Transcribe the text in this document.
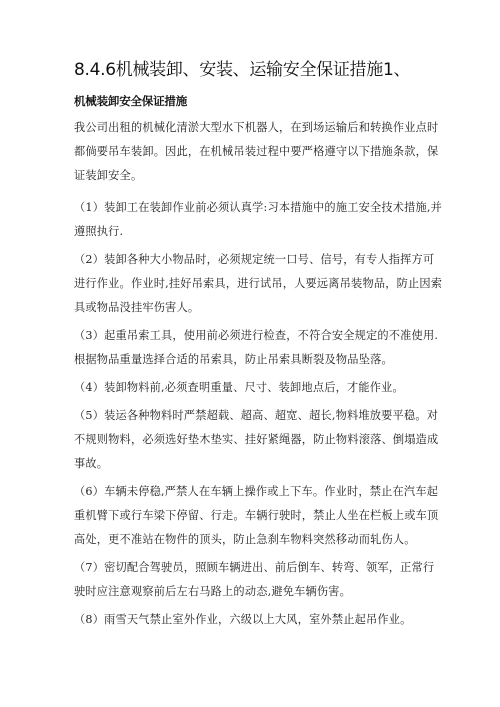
8.4.6机械装卸、安装、运输安全保证措施1、
机械装卸安全保证措施

我公司出租的机械化清淤大型水下机器人，在到场运输后和转换作业点时都倘要吊车装卸。因此，在机械吊装过程中要严格遵守以下措施条款，保证装卸安全。

（1）装卸工在装卸作业前必须认真学:习本措施中的施工安全技术措施,并遵照执行.

（2）装卸各种大小物品时，必须规定统一口号、信号，有专人指挥方可进行作业。作业时,挂好吊索具，进行试吊，人要远离吊装物品，防止因索具或物品没挂牢伤害人。

（3）起重吊索工具，使用前必须进行检查，不符合安全规定的不准使用.根据物品重量选择合适的吊索具，防止吊索具断裂及物品坠落。

（4）装卸物料前,必须查明重量、尺寸、装卸地点后，才能作业。

（5）装运各种物料时严禁超载、超高、超宽、超长,物料堆放要平稳。对不规则物料，必须选好垫木垫实、挂好紧绳器，防止物料滚落、倒塌造成事故。

（6）车辆未停稳,严禁人在车辆上操作或上下车。作业时，禁止在汽车起重机臂下或行车梁下停留、行走。车辆行驶时，禁止人坐在栏板上或车顶高处，更不准站在物件的顶头，防止急刹车物料突然移动而轧伤人。

（7）密切配合驾驶员，照顾车辆进出、前后倒车、转弯、领军，正常行驶时应注意观察前后左右马路上的动态,避免车辆伤害。

（8）雨雪天气禁止室外作业，六级以上大风，室外禁止起吊作业。
